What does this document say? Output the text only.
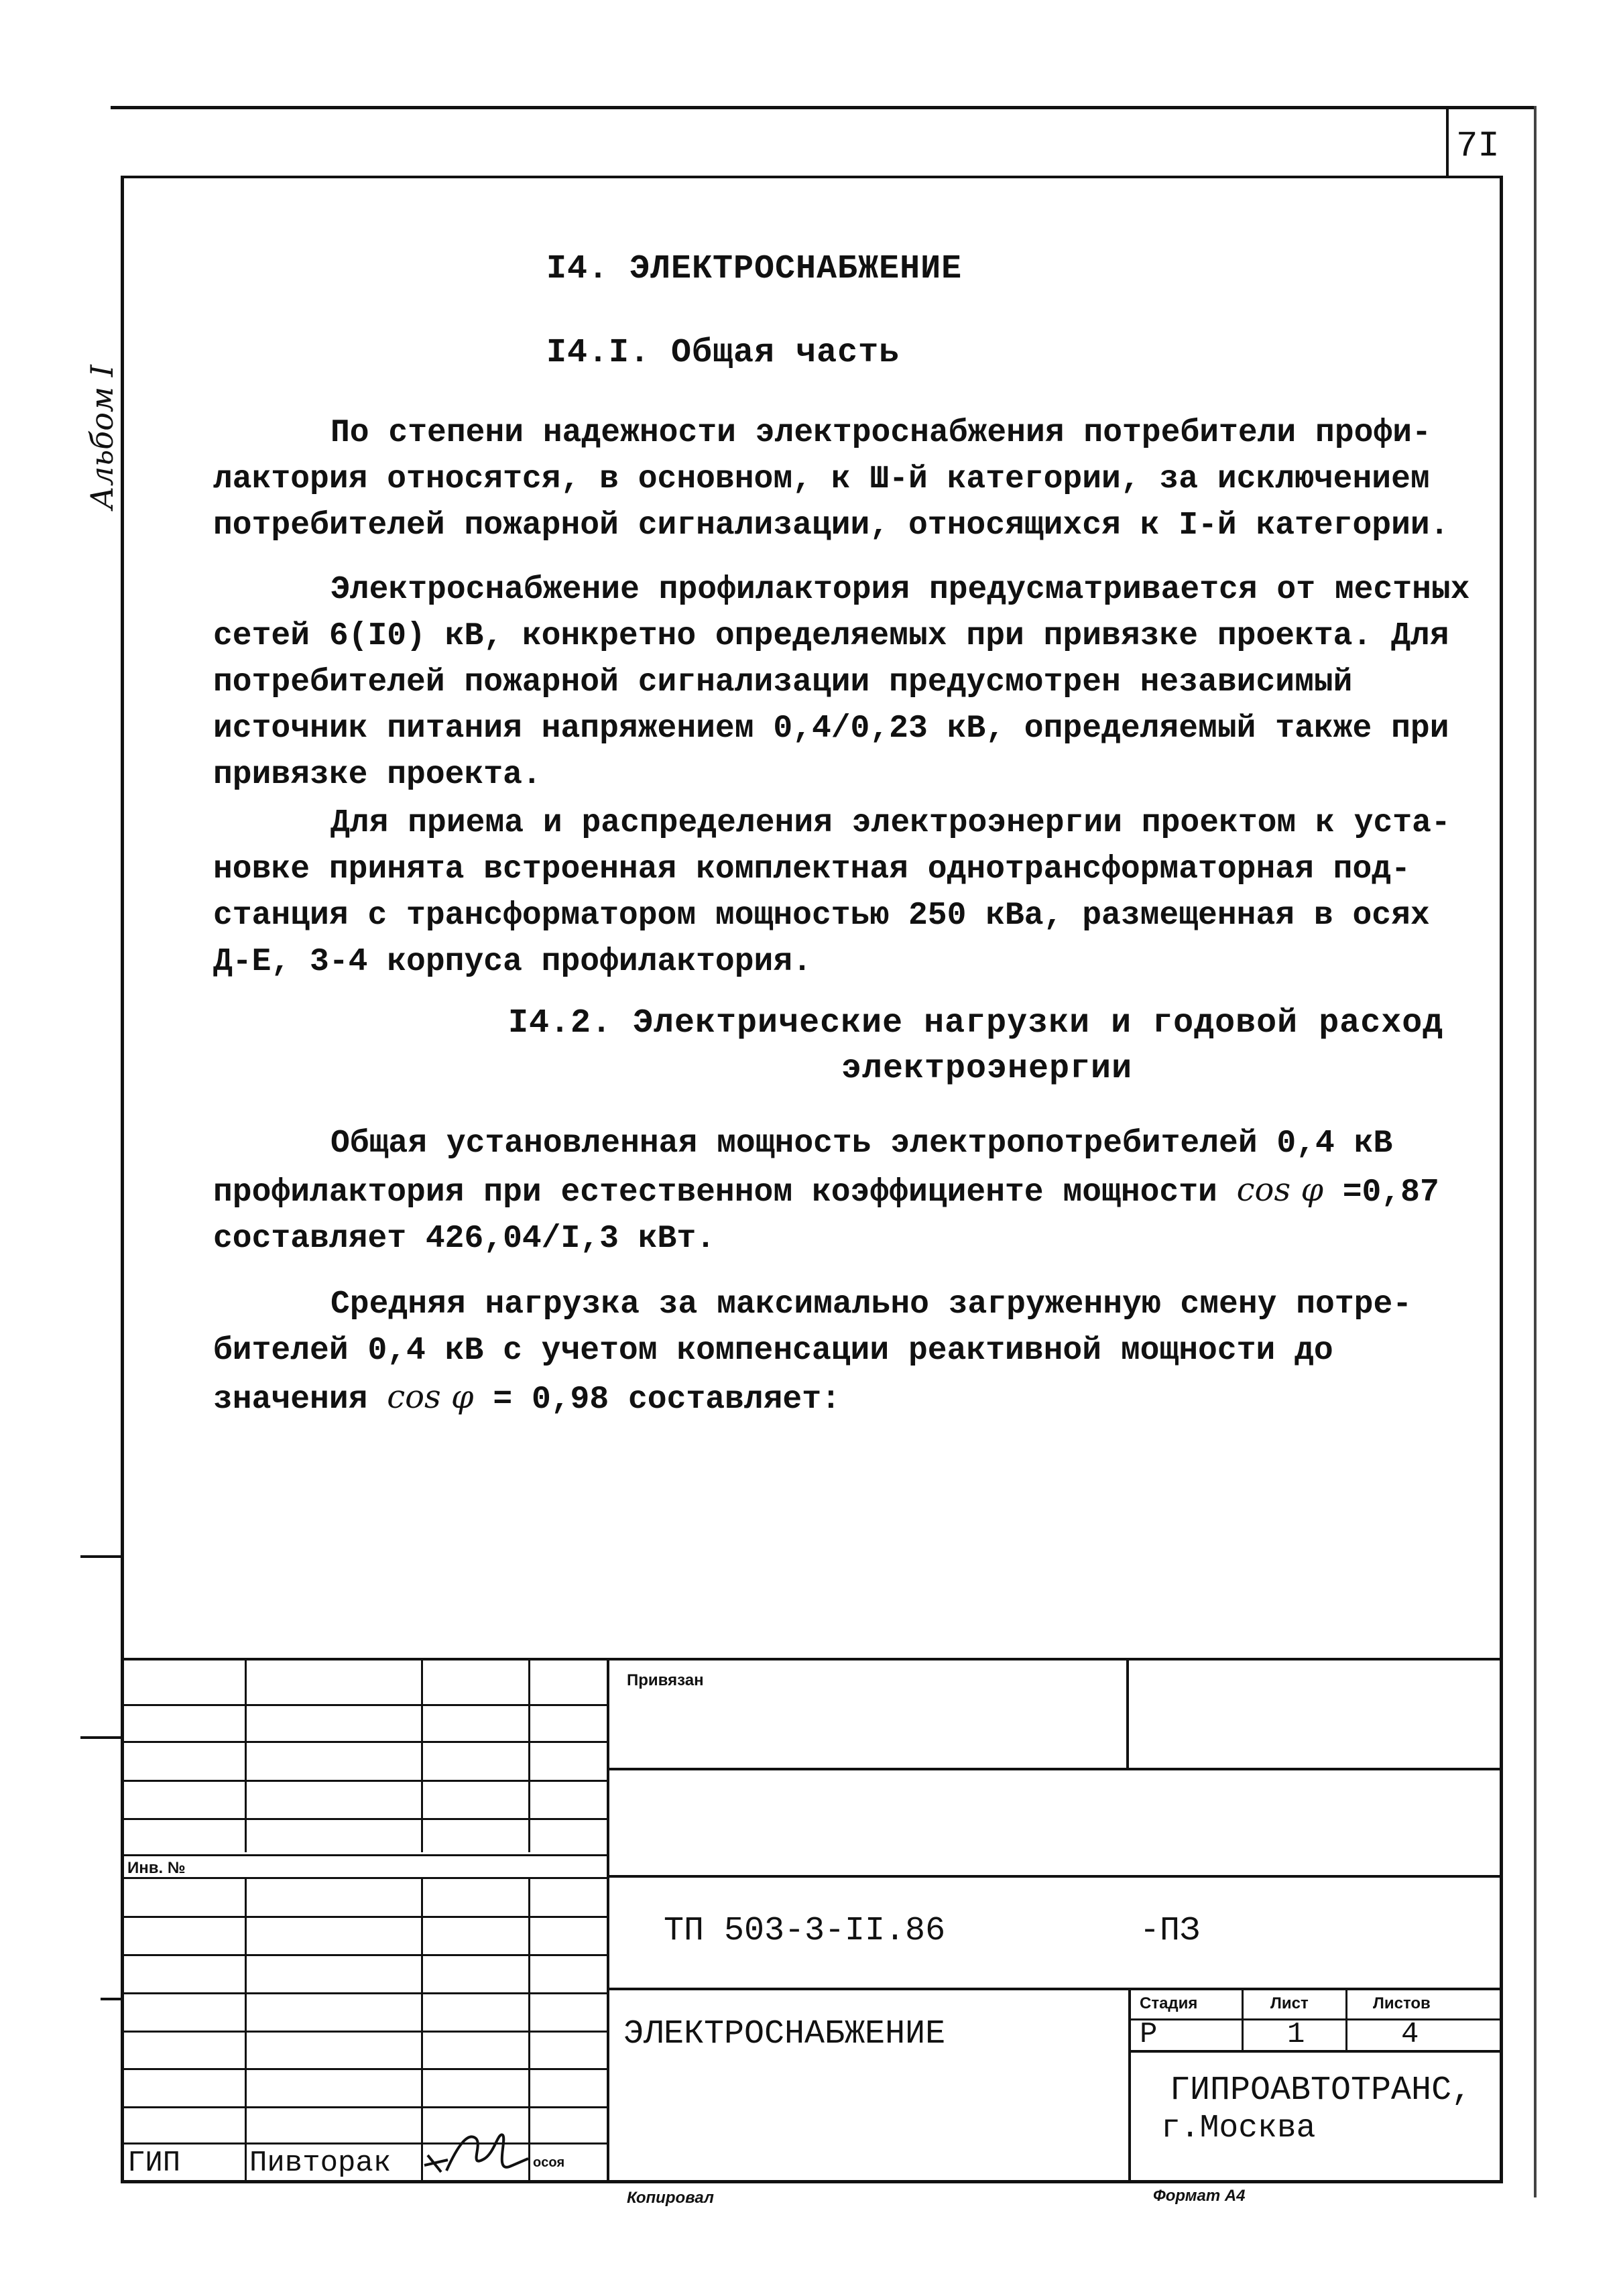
7I
Альбом I
I4. ЭЛЕКТРОСНАБЖЕНИЕ
I4.I. Общая часть
По степени надежности электроснабжения потребители профи-
лактория относятся, в основном, к Ш-й категории, за исключением
потребителей пожарной сигнализации, относящихся к I-й категории.
Электроснабжение профилактория предусматривается от местных
сетей 6(I0) кВ, конкретно определяемых при привязке проекта. Для
потребителей пожарной сигнализации предусмотрен независимый
источник питания напряжением 0,4/0,23 кВ, определяемый также при
привязке проекта.
Для приема и распределения электроэнергии проектом к уста-
новке принята встроенная комплектная однотрансформаторная под-
станция с трансформатором мощностью 250 кВа, размещенная в осях
Д-Е, 3-4 корпуса профилактория.
I4.2. Электрические нагрузки и годовой расход
электроэнергии
Общая установленная мощность электропотребителей 0,4 кВ
профилактория при естественном коэффициенте мощности cos φ =0,87
составляет 426,04/I,3 кВт.
Средняя нагрузка за максимально загруженную смену потре-
бителей 0,4 кВ с учетом компенсации реактивной мощности до
значения cos φ = 0,98 составляет:
Привязан
Инв. №
ТП 503-3-II.86	-ПЗ
ЭЛЕКТРОСНАБЖЕНИЕ
Стадия	Лист	Листов
Р	1	4
ГИПРОАВТОТРАНС,
г.Москва
ГИП Пивторак	ocoя
Копировал	Формат А4
